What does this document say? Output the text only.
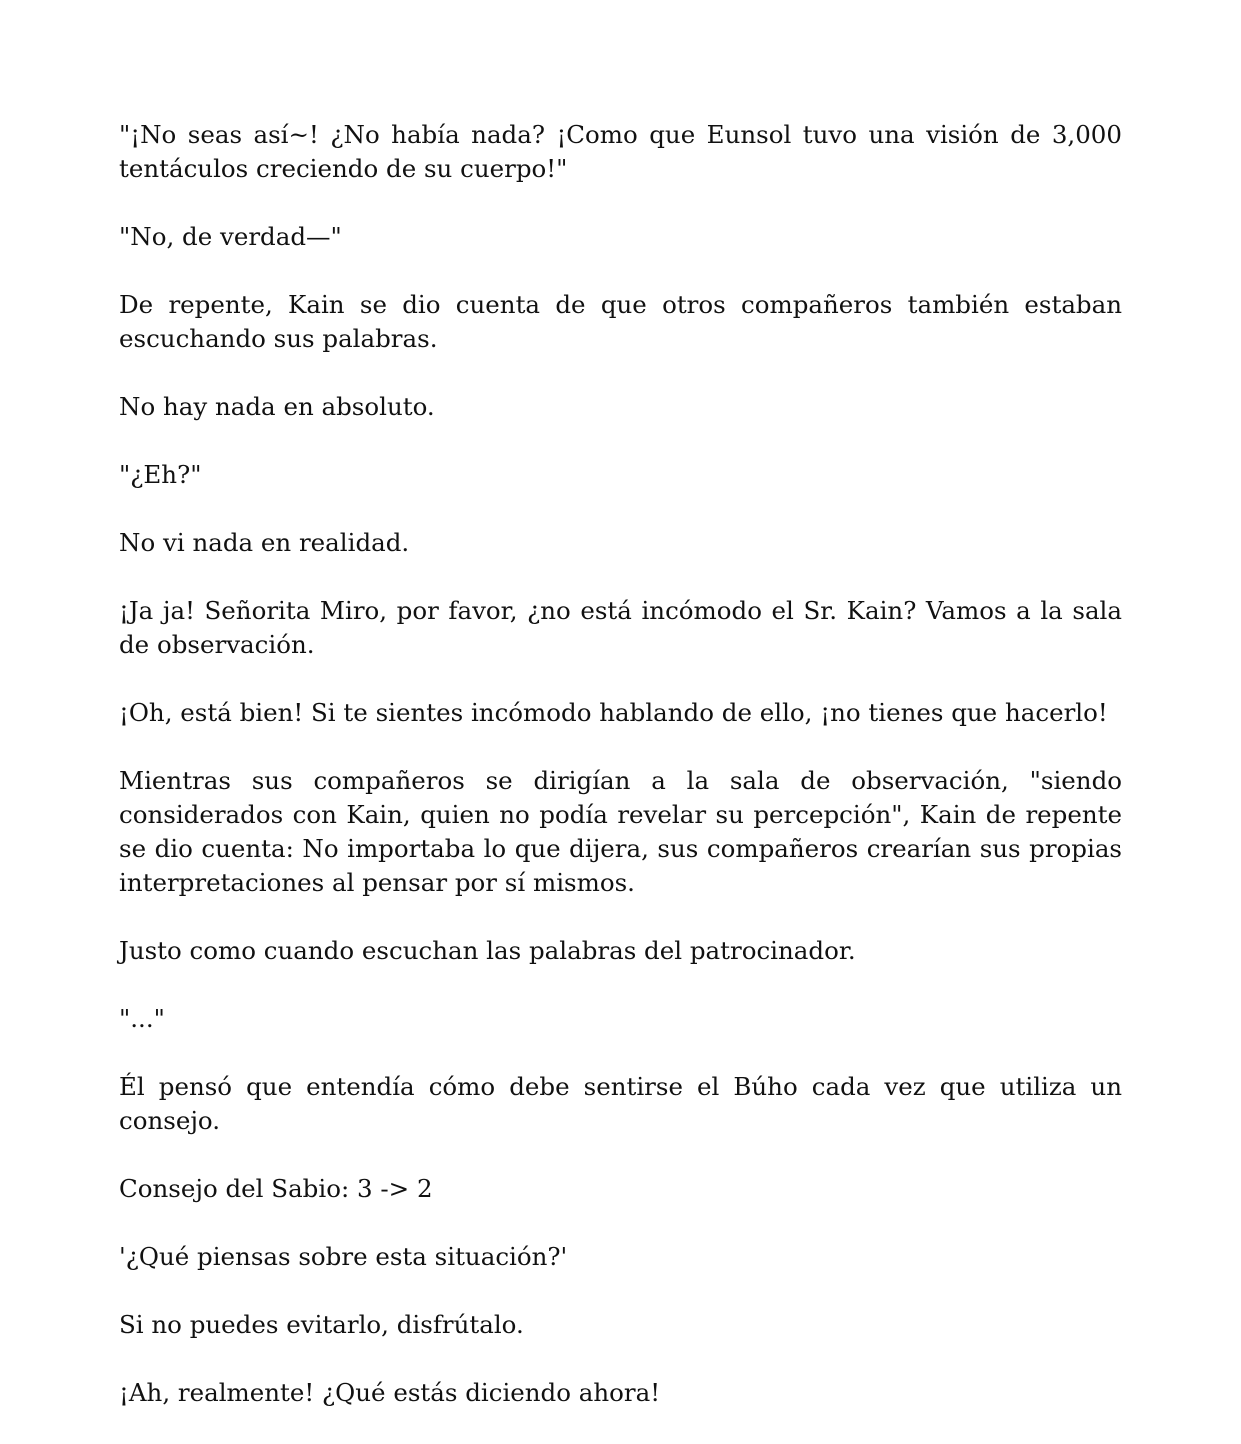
"¡No seas así~! ¿No había nada? ¡Como que Eunsol tuvo una visión de 3,000 tentáculos creciendo de su cuerpo!"

"No, de verdad—"

De repente, Kain se dio cuenta de que otros compañeros también estaban escuchando sus palabras.

No hay nada en absoluto.

"¿Eh?"

No vi nada en realidad.

¡Ja ja! Señorita Miro, por favor, ¿no está incómodo el Sr. Kain? Vamos a la sala de observación.

¡Oh, está bien! Si te sientes incómodo hablando de ello, ¡no tienes que hacerlo!

Mientras sus compañeros se dirigían a la sala de observación, "siendo considerados con Kain, quien no podía revelar su percepción", Kain de repente se dio cuenta: No importaba lo que dijera, sus compañeros crearían sus propias interpretaciones al pensar por sí mismos.

Justo como cuando escuchan las palabras del patrocinador.

"..."

Él pensó que entendía cómo debe sentirse el Búho cada vez que utiliza un consejo.

Consejo del Sabio: 3 -> 2

'¿Qué piensas sobre esta situación?'

Si no puedes evitarlo, disfrútalo.

¡Ah, realmente! ¿Qué estás diciendo ahora!
